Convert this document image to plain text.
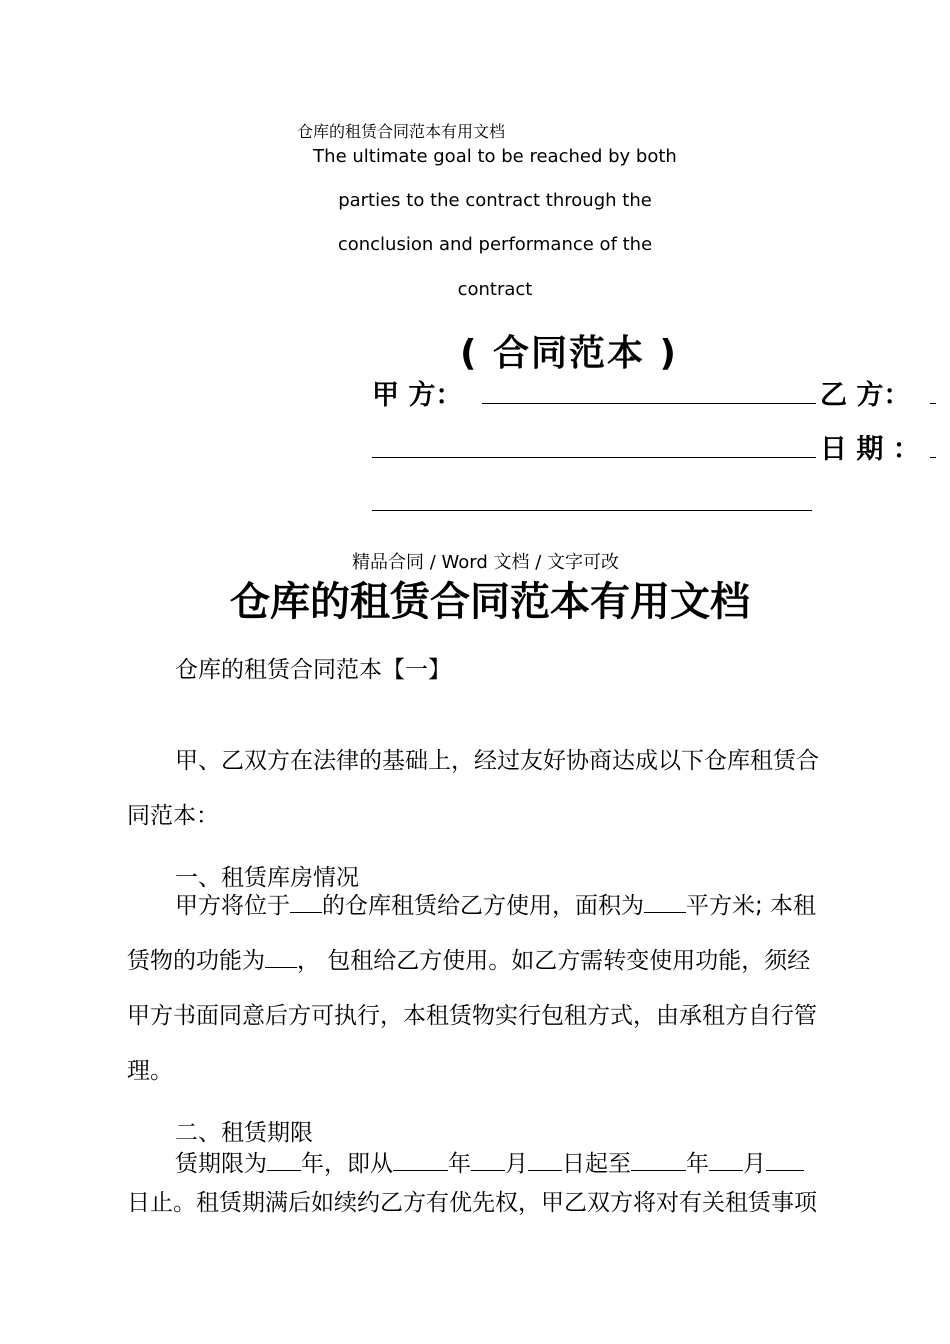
仓库的租赁合同范本有用文档
The ultimate goal to be reached by both
parties to the contract through the
conclusion and performance of the
contract
( 合同范本 )
甲 方：	乙 方：
日 期 ：
精品合同 / Word 文档 / 文字可改
仓库的租赁合同范本有用文档
仓库的租赁合同范本【一】
甲、乙双方在法律的基础上，经过友好协商达成以下仓库租赁合
同范本：
一、租赁库房情况
甲方将位于 的仓库租赁给乙方使用，面积为 平方米; 本租
赁物的功能为 ， 包租给乙方使用。如乙方需转变使用功能，须经
甲方书面同意后方可执行，本租赁物实行包租方式，由承租方自行管
理。
二、租赁期限
赁期限为 年，即从 年 月 日起至 年 月
日止。租赁期满后如续约乙方有优先权，甲乙双方将对有关租赁事项
